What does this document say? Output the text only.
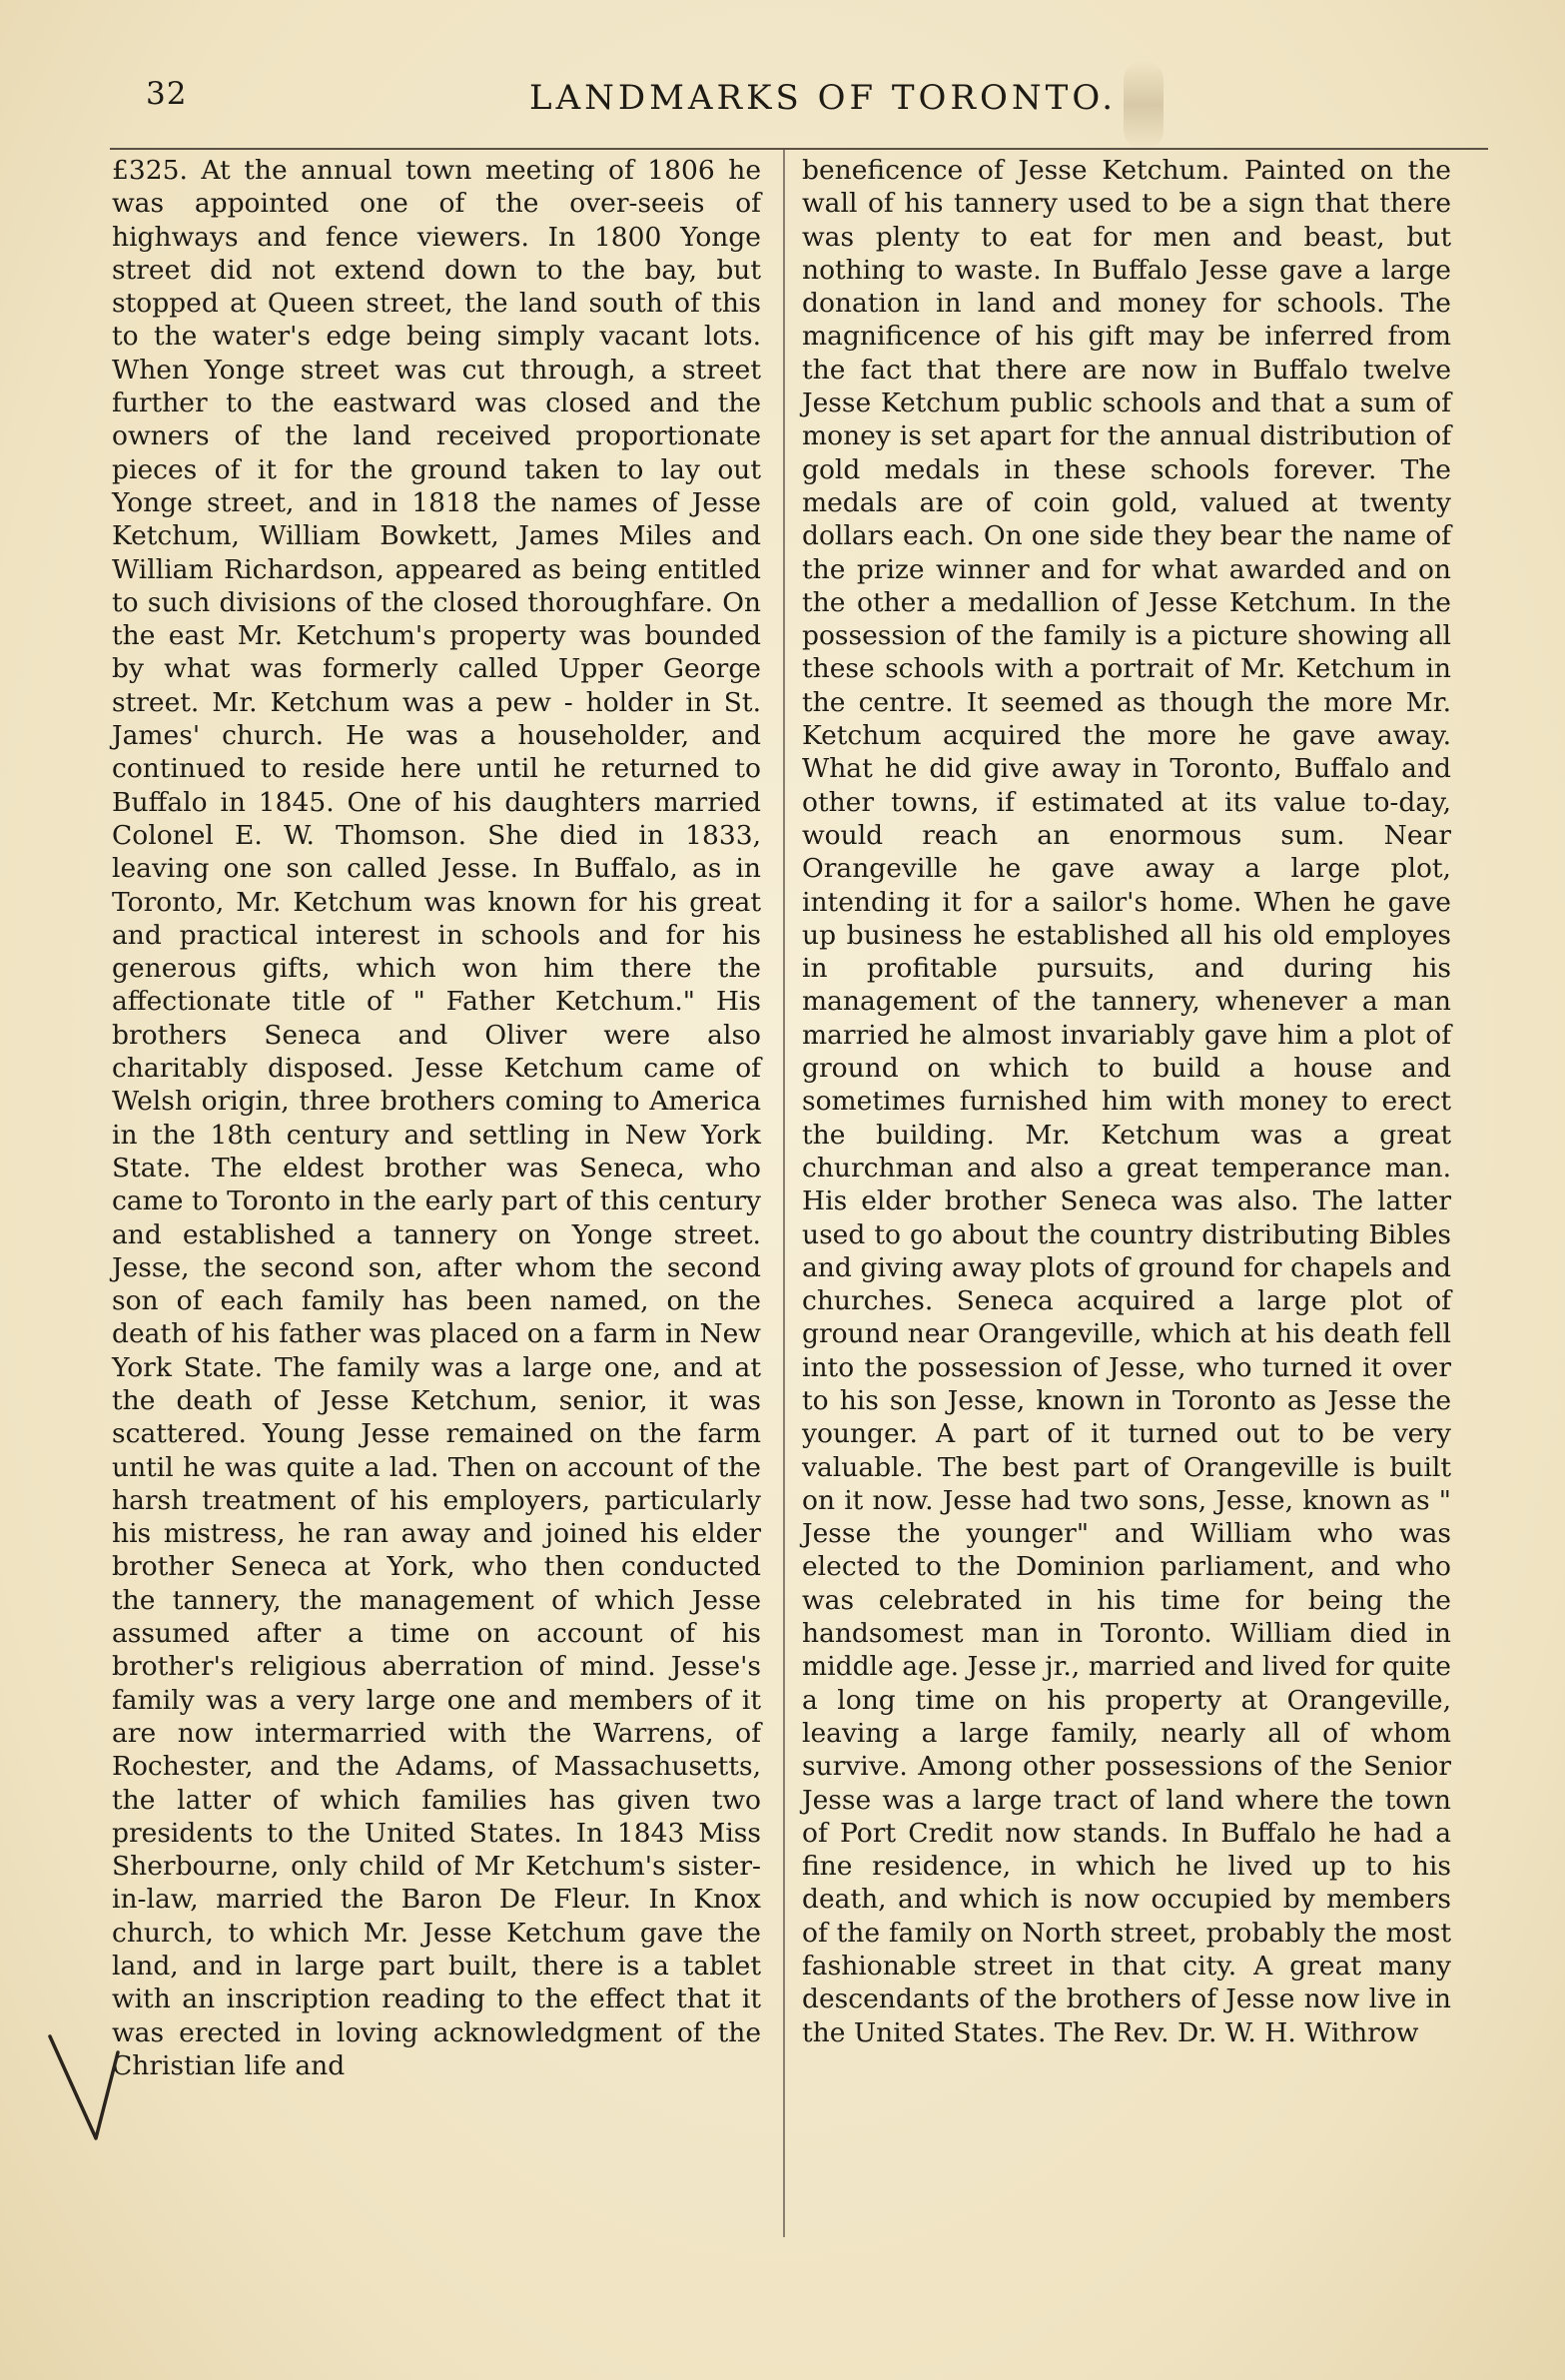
32	LANDMARKS OF TORONTO.

£325. At the annual town meeting of 1806 he was appointed one of the over-seeis of highways and fence viewers. In 1800 Yonge street did not extend down to the bay, but stopped at Queen street, the land south of this to the water's edge being simply vacant lots. When Yonge street was cut through, a street further to the eastward was closed and the owners of the land received proportionate pieces of it for the ground taken to lay out Yonge street, and in 1818 the names of Jesse Ketchum, William Bowkett, James Miles and William Richardson, appeared as being entitled to such divisions of the closed thoroughfare. On the east Mr. Ketchum's property was bounded by what was formerly called Upper George street. Mr. Ketchum was a pew - holder in St. James' church. He was a householder, and continued to reside here until he returned to Buffalo in 1845. One of his daughters married Colonel E. W. Thomson. She died in 1833, leaving one son called Jesse. In Buffalo, as in Toronto, Mr. Ketchum was known for his great and practical interest in schools and for his generous gifts, which won him there the affectionate title of " Father Ketchum." His brothers Seneca and Oliver were also charitably disposed. Jesse Ketchum came of Welsh origin, three brothers coming to America in the 18th century and settling in New York State. The eldest brother was Seneca, who came to Toronto in the early part of this century and established a tannery on Yonge street. Jesse, the second son, after whom the second son of each family has been named, on the death of his father was placed on a farm in New York State. The family was a large one, and at the death of Jesse Ketchum, senior, it was scattered. Young Jesse remained on the farm until he was quite a lad. Then on account of the harsh treatment of his employers, particularly his mistress, he ran away and joined his elder brother Seneca at York, who then conducted the tannery, the management of which Jesse assumed after a time on account of his brother's religious aberration of mind. Jesse's family was a very large one and members of it are now intermarried with the Warrens, of Rochester, and the Adams, of Massachusetts, the latter of which families has given two presidents to the United States. In 1843 Miss Sherbourne, only child of Mr Ketchum's sister-in-law, married the Baron De Fleur. In Knox church, to which Mr. Jesse Ketchum gave the land, and in large part built, there is a tablet with an inscription reading to the effect that it was erected in loving acknowledgment of the Christian life and

beneficence of Jesse Ketchum. Painted on the wall of his tannery used to be a sign that there was plenty to eat for men and beast, but nothing to waste. In Buffalo Jesse gave a large donation in land and money for schools. The magnificence of his gift may be inferred from the fact that there are now in Buffalo twelve Jesse Ketchum public schools and that a sum of money is set apart for the annual distribution of gold medals in these schools forever. The medals are of coin gold, valued at twenty dollars each. On one side they bear the name of the prize winner and for what awarded and on the other a medallion of Jesse Ketchum. In the possession of the family is a picture showing all these schools with a portrait of Mr. Ketchum in the centre. It seemed as though the more Mr. Ketchum acquired the more he gave away. What he did give away in Toronto, Buffalo and other towns, if estimated at its value to-day, would reach an enormous sum. Near Orangeville he gave away a large plot, intending it for a sailor's home. When he gave up business he established all his old employes in profitable pursuits, and during his management of the tannery, whenever a man married he almost invariably gave him a plot of ground on which to build a house and sometimes furnished him with money to erect the building. Mr. Ketchum was a great churchman and also a great temperance man. His elder brother Seneca was also. The latter used to go about the country distributing Bibles and giving away plots of ground for chapels and churches. Seneca acquired a large plot of ground near Orangeville, which at his death fell into the possession of Jesse, who turned it over to his son Jesse, known in Toronto as Jesse the younger. A part of it turned out to be very valuable. The best part of Orangeville is built on it now. Jesse had two sons, Jesse, known as " Jesse the younger" and William who was elected to the Dominion parliament, and who was celebrated in his time for being the handsomest man in Toronto. William died in middle age. Jesse jr., married and lived for quite a long time on his property at Orangeville, leaving a large family, nearly all of whom survive. Among other possessions of the Senior Jesse was a large tract of land where the town of Port Credit now stands. In Buffalo he had a fine residence, in which he lived up to his death, and which is now occupied by members of the family on North street, probably the most fashionable street in that city. A great many descendants of the brothers of Jesse now live in the United States. The Rev. Dr. W. H. Withrow
